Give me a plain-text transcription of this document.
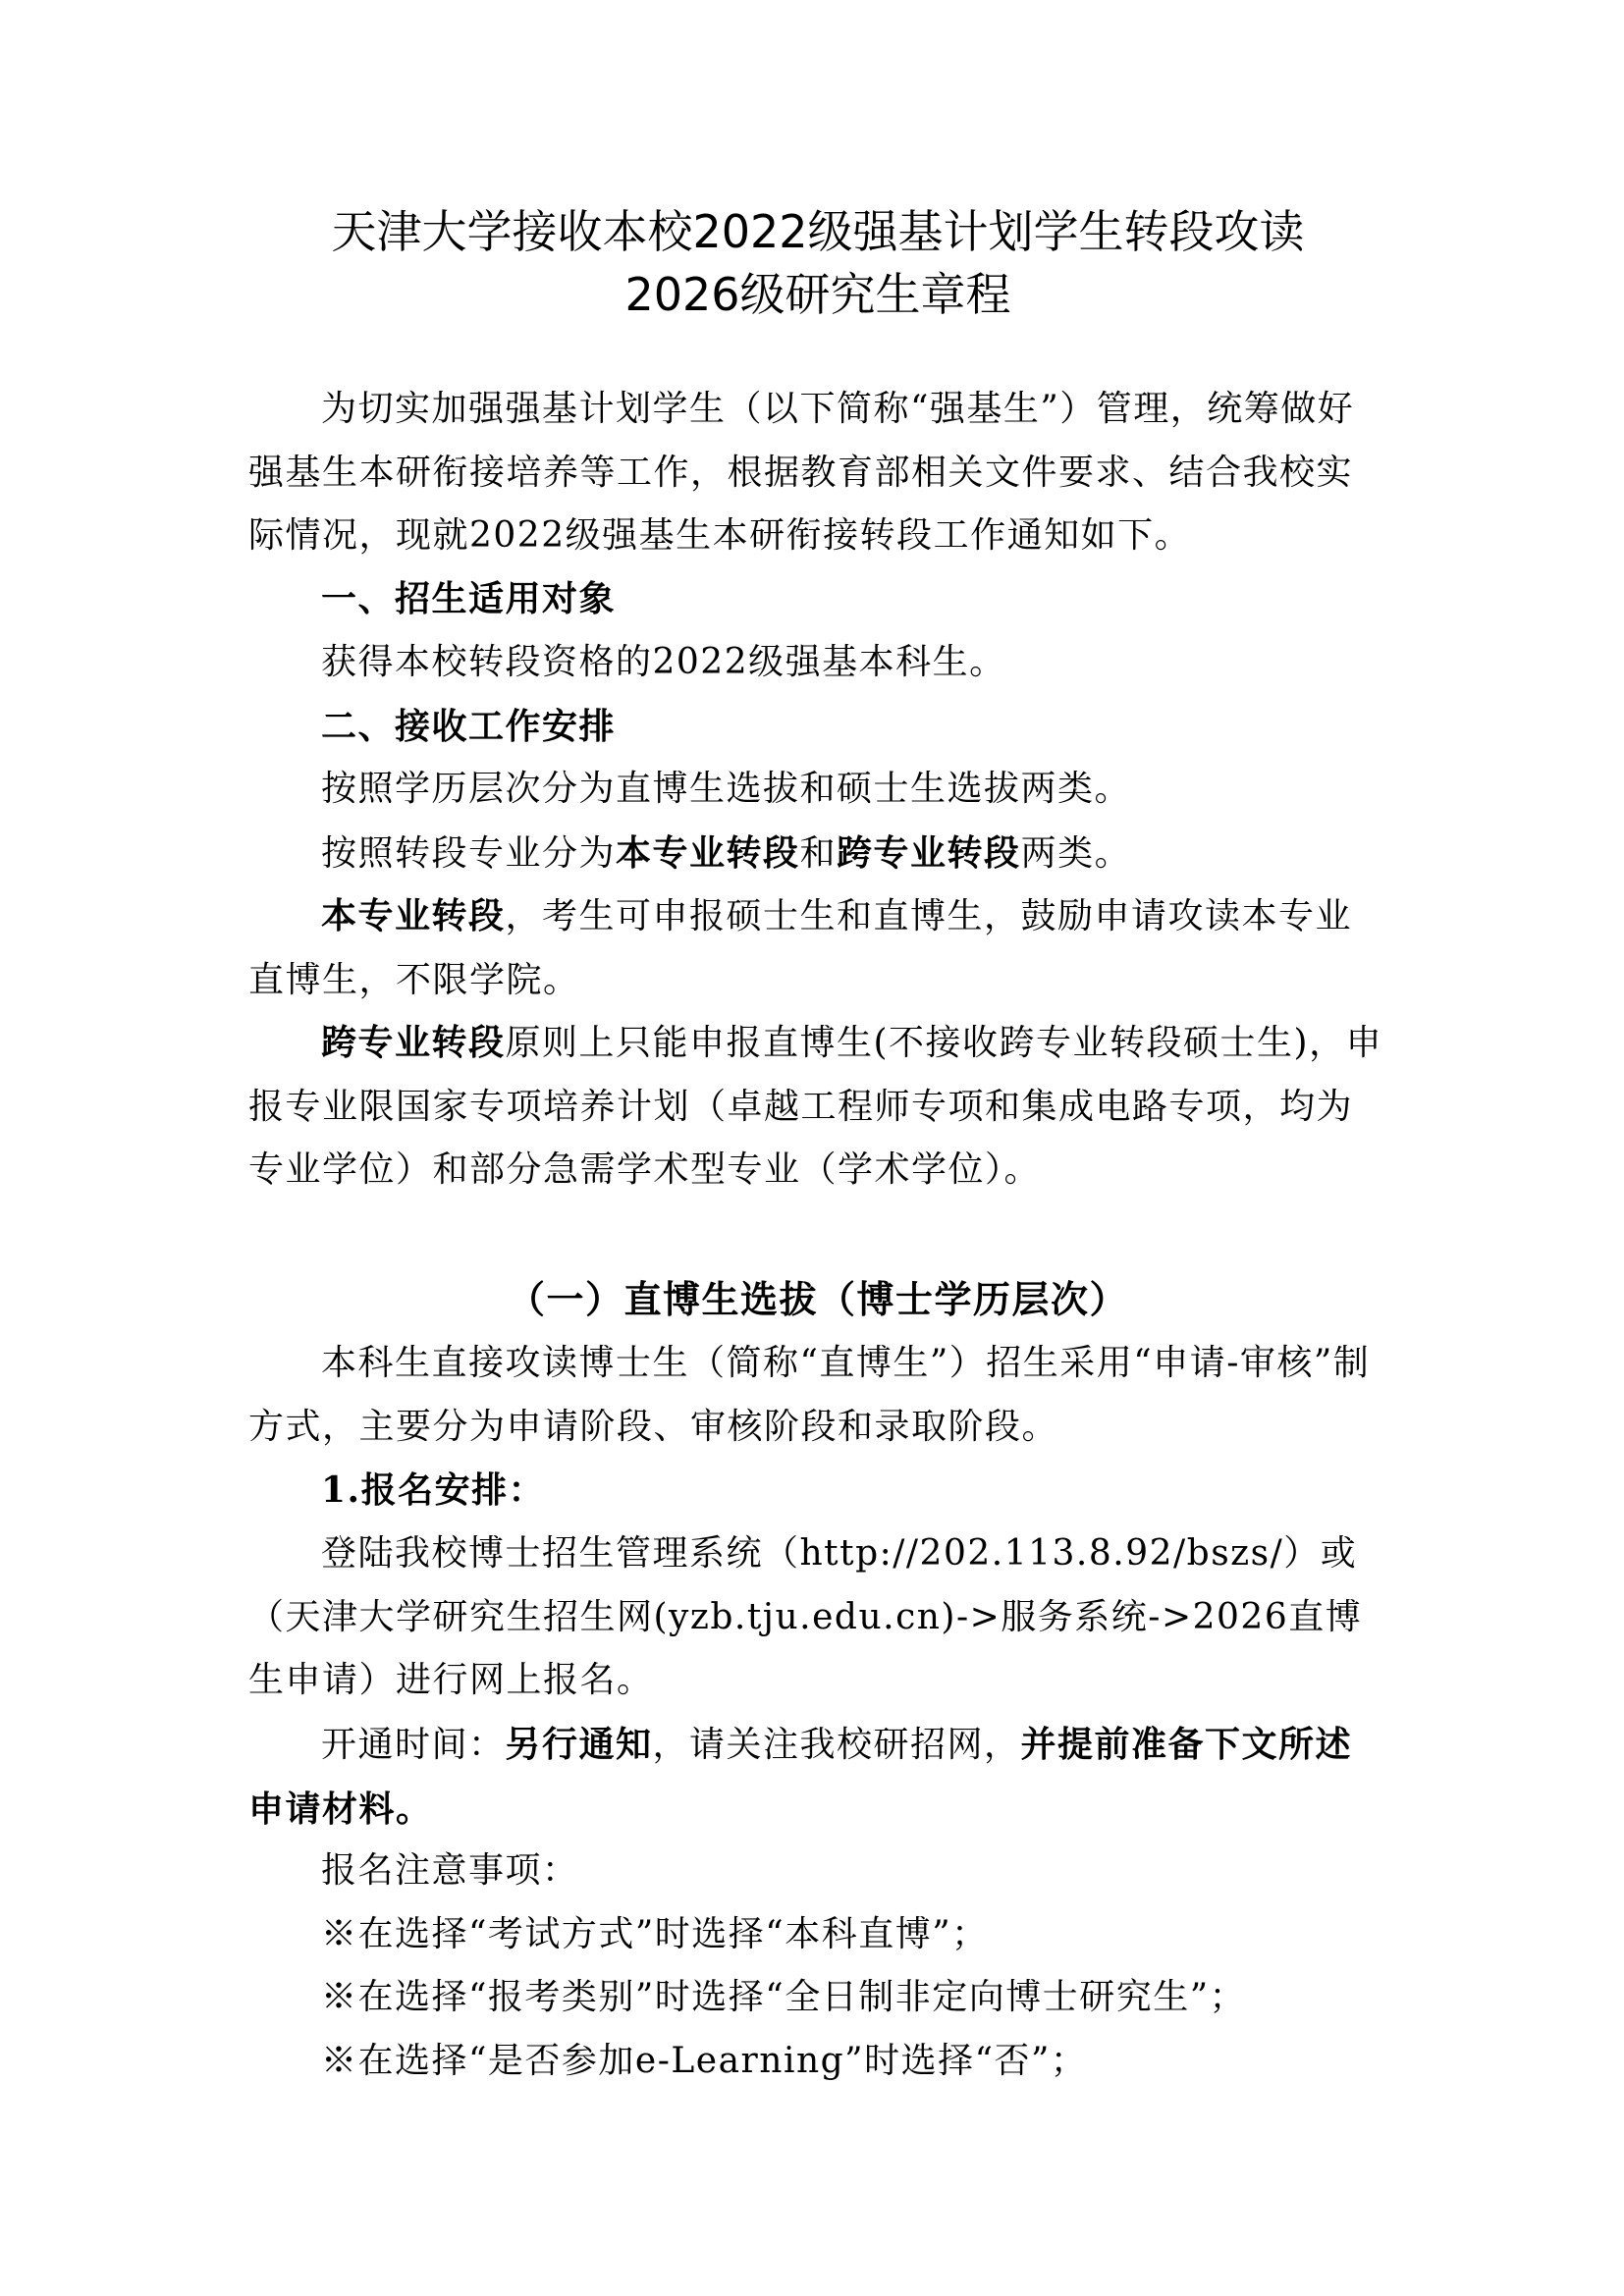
天津大学接收本校2022级强基计划学生转段攻读
2026级研究生章程

为切实加强强基计划学生（以下简称“强基生”）管理，统筹做好强基生本研衔接培养等工作，根据教育部相关文件要求、结合我校实际情况，现就2022级强基生本研衔接转段工作通知如下。

一、招生适用对象

获得本校转段资格的2022级强基本科生。

二、接收工作安排

按照学历层次分为直博生选拔和硕士生选拔两类。

按照转段专业分为本专业转段和跨专业转段两类。

本专业转段，考生可申报硕士生和直博生，鼓励申请攻读本专业直博生，不限学院。

跨专业转段原则上只能申报直博生(不接收跨专业转段硕士生)，申报专业限国家专项培养计划（卓越工程师专项和集成电路专项，均为专业学位）和部分急需学术型专业（学术学位）。

（一）直博生选拔（博士学历层次）

本科生直接攻读博士生（简称“直博生”）招生采用“申请-审核”制方式，主要分为申请阶段、审核阶段和录取阶段。

1.报名安排：

登陆我校博士招生管理系统（http://202.113.8.92/bszs/）或（天津大学研究生招生网(yzb.tju.edu.cn)->服务系统->2026直博生申请）进行网上报名。

开通时间：另行通知，请关注我校研招网，并提前准备下文所述申请材料。

报名注意事项：

※在选择“考试方式”时选择“本科直博”；

※在选择“报考类别”时选择“全日制非定向博士研究生”；

※在选择“是否参加e-Learning”时选择“否”；
